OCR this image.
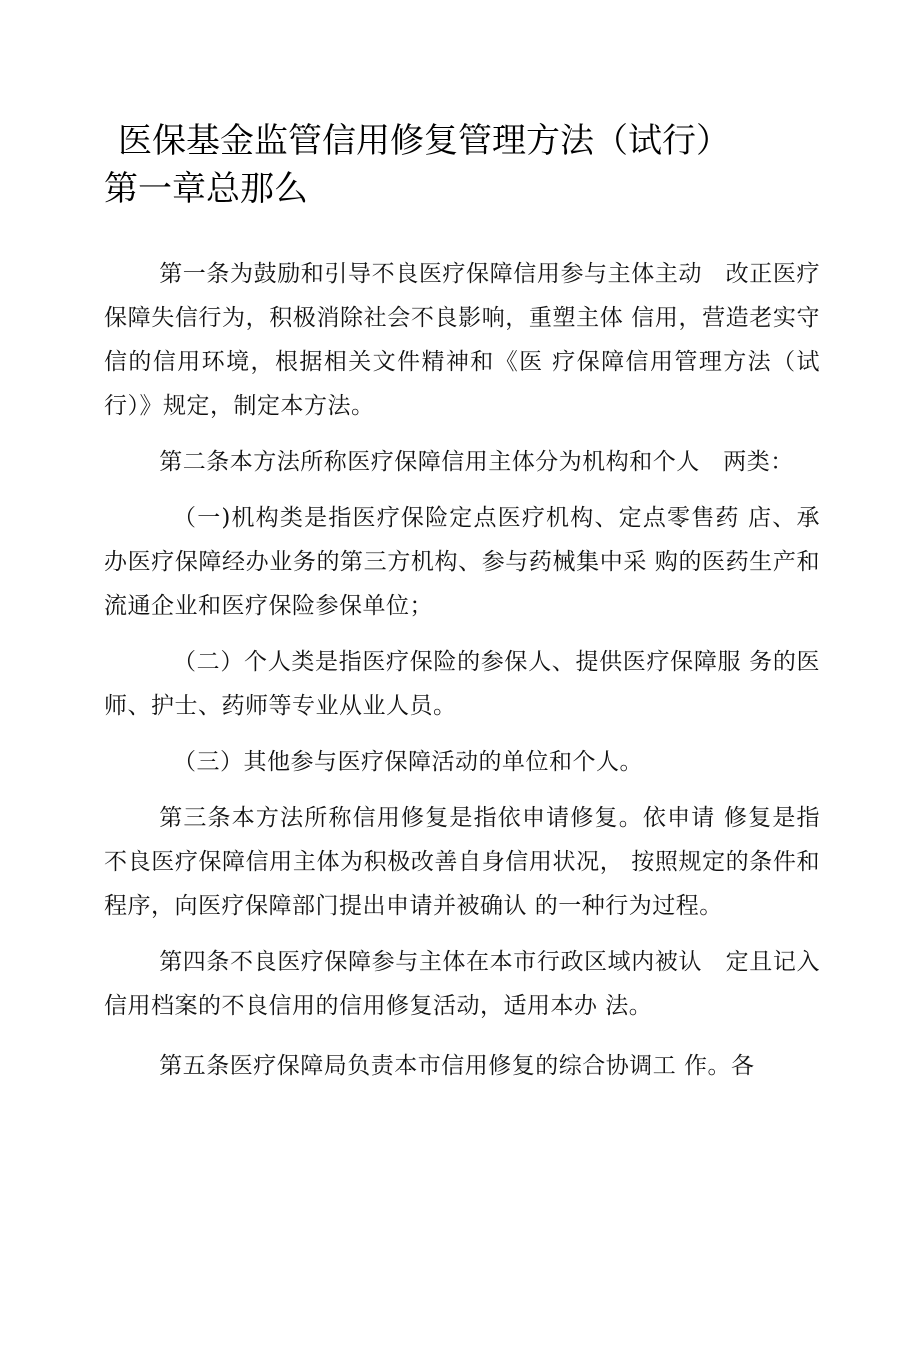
医保基金监管信用修复管理方法（试行）
第一章总那么

第一条为鼓励和引导不良医疗保障信用参与主体主动　改正医疗保障失信行为，积极消除社会不良影响，重塑主体 信用，营造老实守信的信用环境，根据相关文件精神和《医 疗保障信用管理方法（试行）》规定，制定本方法。

第二条本方法所称医疗保障信用主体分为机构和个人　两类：

（一)机构类是指医疗保险定点医疗机构、定点零售药 店、承办医疗保障经办业务的第三方机构、参与药械集中采 购的医药生产和流通企业和医疗保险参保单位；

（二）个人类是指医疗保险的参保人、提供医疗保障服 务的医师、护士、药师等专业从业人员。

（三）其他参与医疗保障活动的单位和个人。

第三条本方法所称信用修复是指依申请修复。依申请 修复是指不良医疗保障信用主体为积极改善自身信用状况， 按照规定的条件和程序，向医疗保障部门提出申请并被确认 的一种行为过程。

第四条不良医疗保障参与主体在本市行政区域内被认　定且记入信用档案的不良信用的信用修复活动，适用本办 法。

第五条医疗保障局负责本市信用修复的综合协调工 作。各
